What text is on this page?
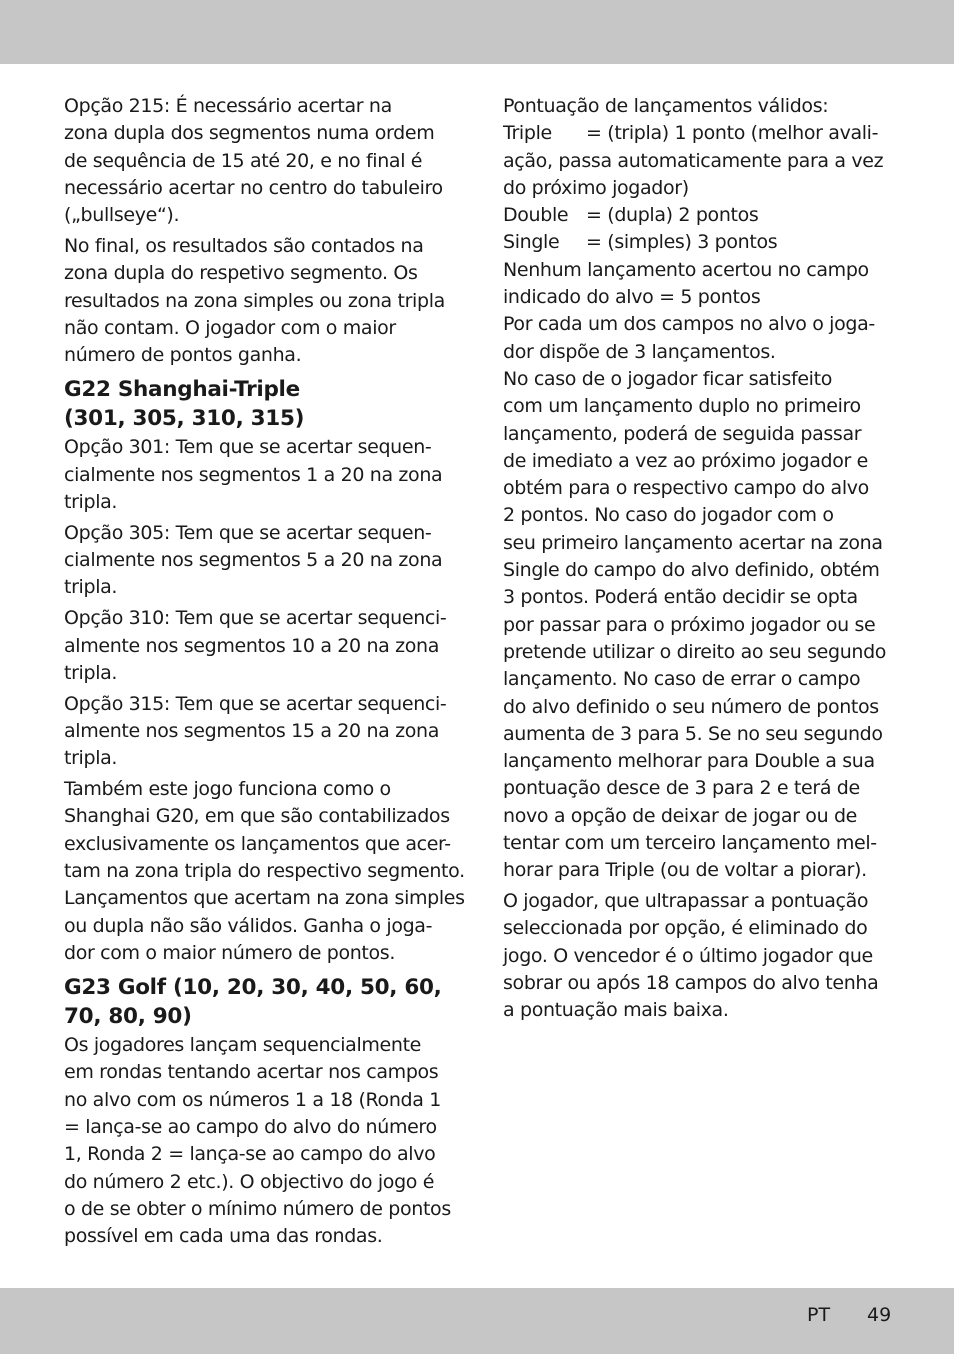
Opção 215: É necessário acertar na
zona dupla dos segmentos numa ordem
de sequência de 15 até 20, e no final é
necessário acertar no centro do tabuleiro
(„bullseye“).
No final, os resultados são contados na
zona dupla do respetivo segmento. Os
resultados na zona simples ou zona tripla
não contam. O jogador com o maior
número de pontos ganha.
G22 Shanghai-Triple
(301, 305, 310, 315)
Opção 301: Tem que se acertar sequen-
cialmente nos segmentos 1 a 20 na zona
tripla.
Opção 305: Tem que se acertar sequen-
cialmente nos segmentos 5 a 20 na zona
tripla.
Opção 310: Tem que se acertar sequenci-
almente nos segmentos 10 a 20 na zona
tripla.
Opção 315: Tem que se acertar sequenci-
almente nos segmentos 15 a 20 na zona
tripla.
Também este jogo funciona como o
Shanghai G20, em que são contabilizados
exclusivamente os lançamentos que acer-
tam na zona tripla do respectivo segmento.
Lançamentos que acertam na zona simples
ou dupla não são válidos. Ganha o joga-
dor com o maior número de pontos.
G23 Golf (10, 20, 30, 40, 50, 60,
70, 80, 90)
Os jogadores lançam sequencialmente
em rondas tentando acertar nos campos
no alvo com os números 1 a 18 (Ronda 1
= lança-se ao campo do alvo do número
1, Ronda 2 = lança-se ao campo do alvo
do número 2 etc.). O objectivo do jogo é
o de se obter o mínimo número de pontos
possível em cada uma das rondas.
Pontuação de lançamentos válidos:
Triple = (tripla) 1 ponto (melhor avali-
ação, passa automaticamente para a vez
do próximo jogador)
Double = (dupla) 2 pontos
Single = (simples) 3 pontos
Nenhum lançamento acertou no campo
indicado do alvo = 5 pontos
Por cada um dos campos no alvo o joga-
dor dispõe de 3 lançamentos.
No caso de o jogador ficar satisfeito
com um lançamento duplo no primeiro
lançamento, poderá de seguida passar
de imediato a vez ao próximo jogador e
obtém para o respectivo campo do alvo
2 pontos. No caso do jogador com o
seu primeiro lançamento acertar na zona
Single do campo do alvo definido, obtém
3 pontos. Poderá então decidir se opta
por passar para o próximo jogador ou se
pretende utilizar o direito ao seu segundo
lançamento. No caso de errar o campo
do alvo definido o seu número de pontos
aumenta de 3 para 5. Se no seu segundo
lançamento melhorar para Double a sua
pontuação desce de 3 para 2 e terá de
novo a opção de deixar de jogar ou de
tentar com um terceiro lançamento mel-
horar para Triple (ou de voltar a piorar).
O jogador, que ultrapassar a pontuação
seleccionada por opção, é eliminado do
jogo. O vencedor é o último jogador que
sobrar ou após 18 campos do alvo tenha
a pontuação mais baixa.
PT 49
